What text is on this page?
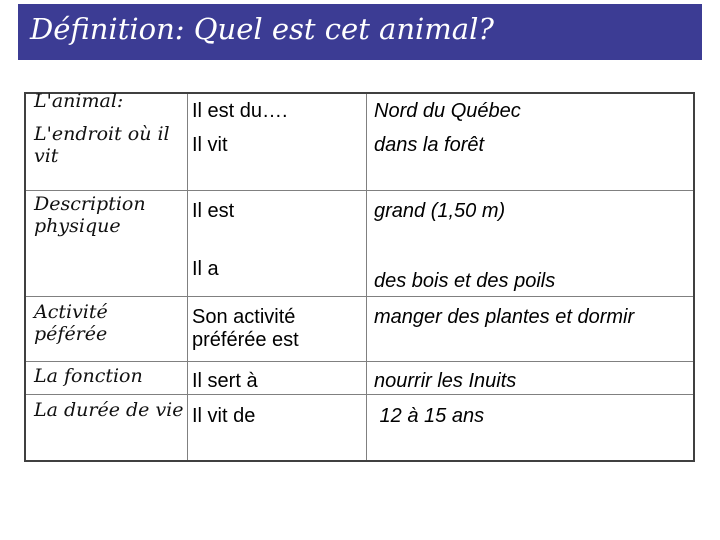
Définition: Quel est cet animal?
L'animal:
L'endroit où il vit
Description physique
Activité péférée
La fonction
La durée de vie
Il est du….
Il vit
Il est
Il a
Son activité préférée est
Il sert à
Il vit de
Nord du Québec
dans la forêt
grand (1,50 m)
des bois et des poils
manger des plantes et dormir
nourrir les Inuits
12 à 15 ans
